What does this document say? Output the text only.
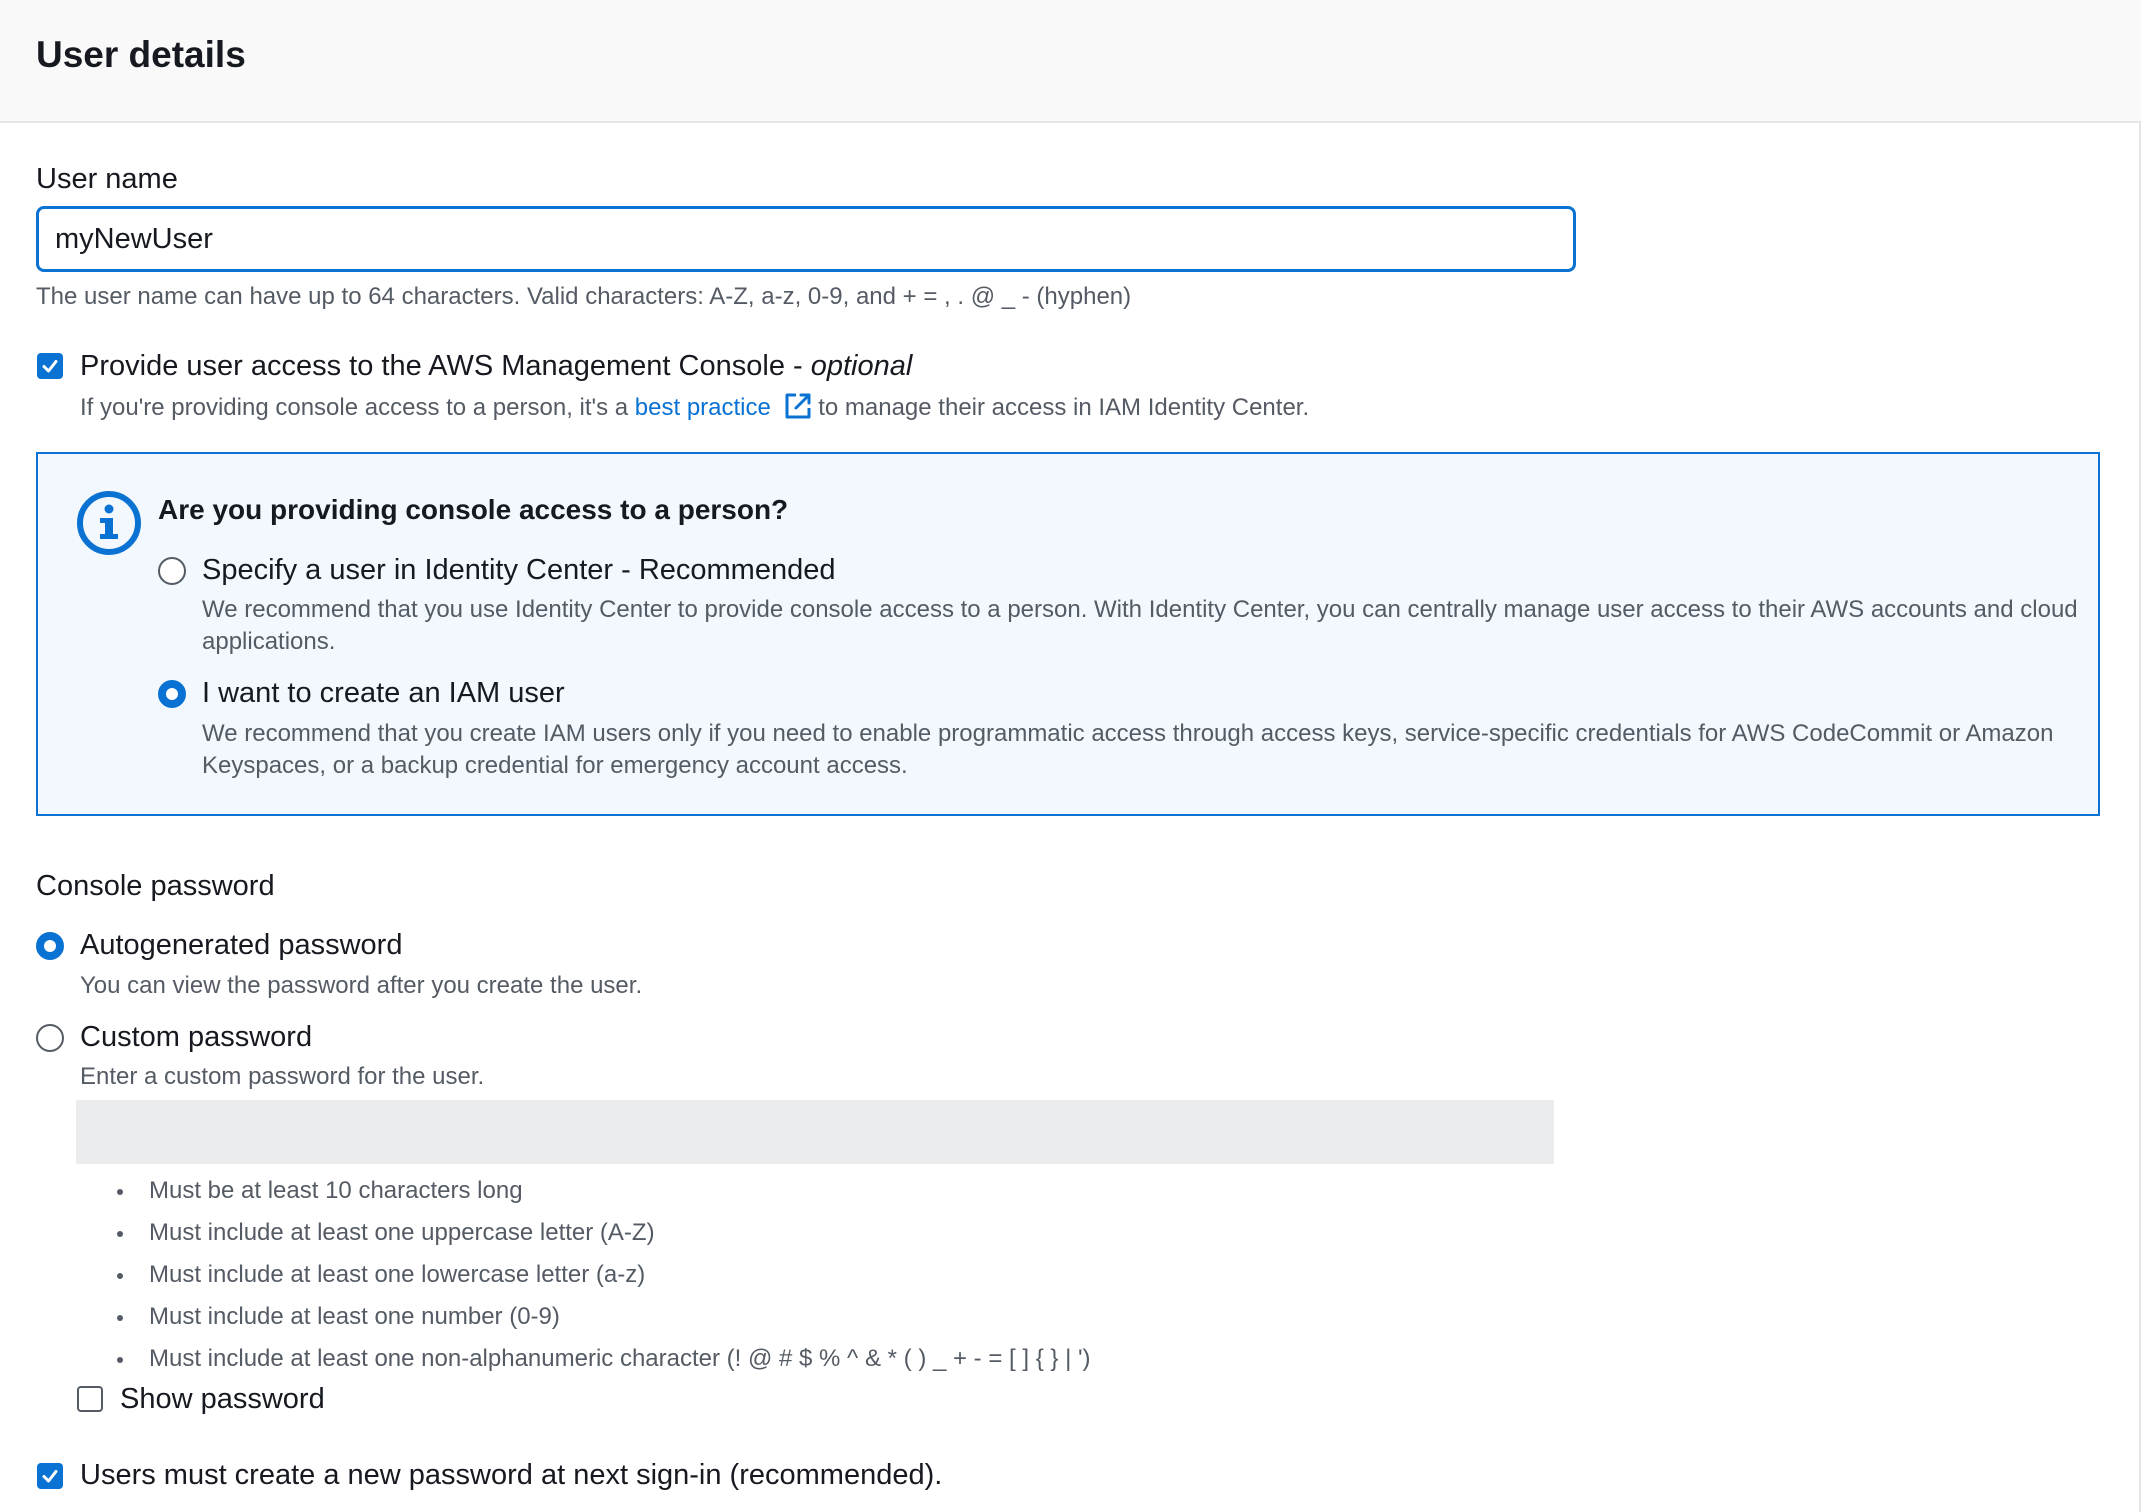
User details
User name
myNewUser
The user name can have up to 64 characters. Valid characters: A-Z, a-z, 0-9, and + = , . @ _ - (hyphen)
Provide user access to the AWS Management Console - optional
If you're providing console access to a person, it's a best practice  to manage their access in IAM Identity Center.
Are you providing console access to a person?
Specify a user in Identity Center - Recommended
We recommend that you use Identity Center to provide console access to a person. With Identity Center, you can centrally manage user access to their AWS accounts and cloud applications.
I want to create an IAM user
We recommend that you create IAM users only if you need to enable programmatic access through access keys, service-specific credentials for AWS CodeCommit or Amazon Keyspaces, or a backup credential for emergency account access.
Console password
Autogenerated password
You can view the password after you create the user.
Custom password
Enter a custom password for the user.
Must be at least 10 characters long
Must include at least one uppercase letter (A-Z)
Must include at least one lowercase letter (a-z)
Must include at least one number (0-9)
Must include at least one non-alphanumeric character (! @ # $ % ^ & * ( ) _ + - = [ ] { } | ')
Show password
Users must create a new password at next sign-in (recommended).
